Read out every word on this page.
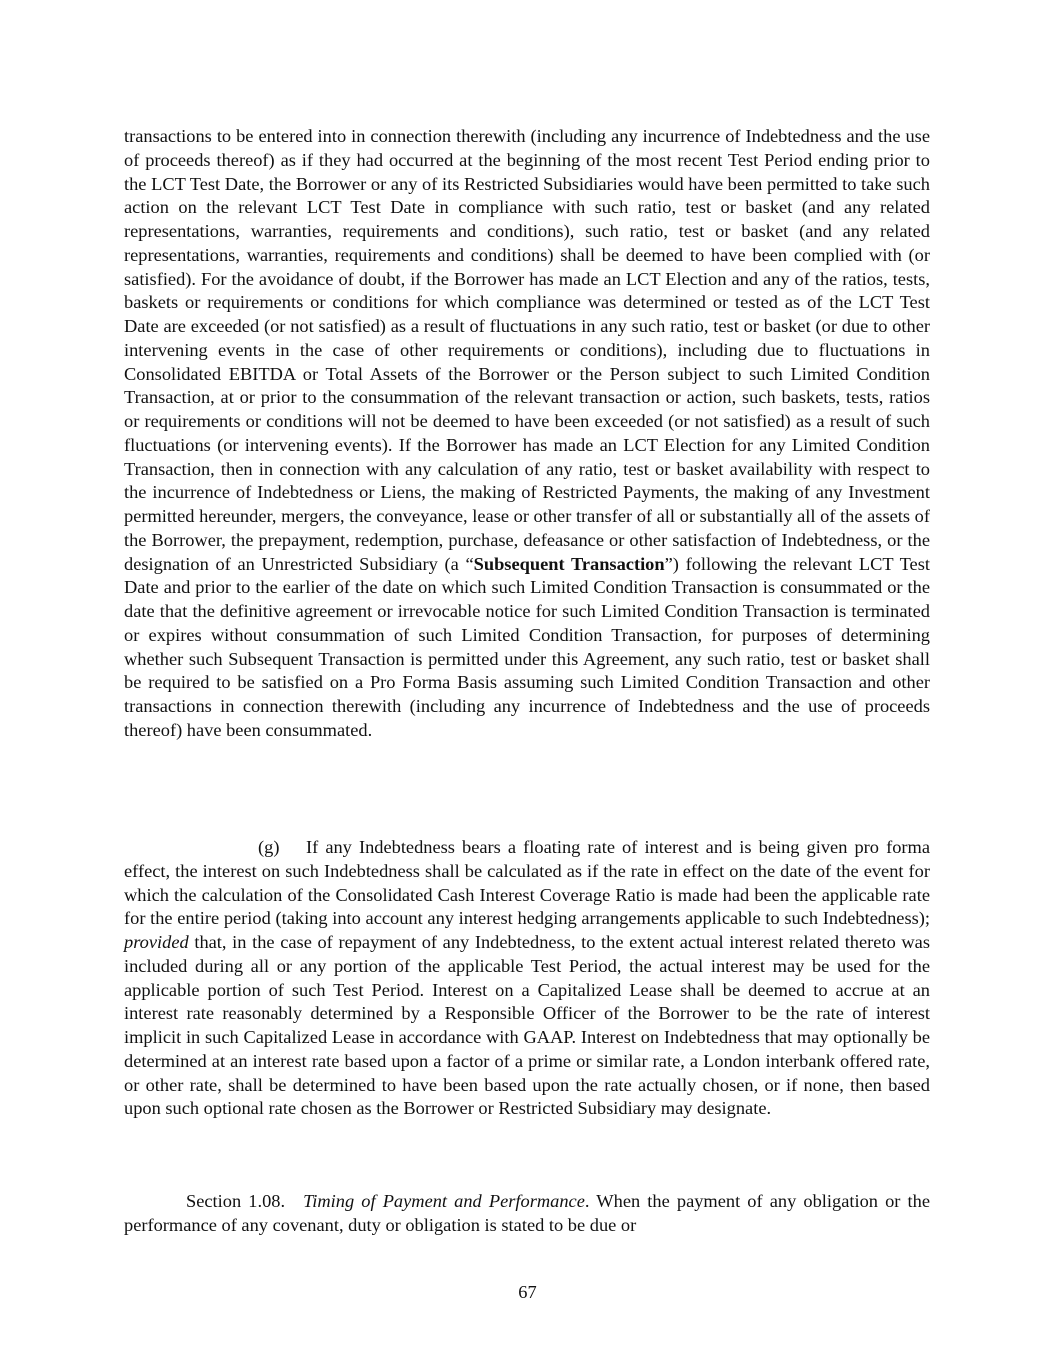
transactions to be entered into in connection therewith (including any incurrence of Indebtedness and the use of proceeds thereof) as if they had occurred at the beginning of the most recent Test Period ending prior to the LCT Test Date, the Borrower or any of its Restricted Subsidiaries would have been permitted to take such action on the relevant LCT Test Date in compliance with such ratio, test or basket (and any related representations, warranties, requirements and conditions), such ratio, test or basket (and any related representations, warranties, requirements and conditions) shall be deemed to have been complied with (or satisfied). For the avoidance of doubt, if the Borrower has made an LCT Election and any of the ratios, tests, baskets or requirements or conditions for which compliance was determined or tested as of the LCT Test Date are exceeded (or not satisfied) as a result of fluctuations in any such ratio, test or basket (or due to other intervening events in the case of other requirements or conditions), including due to fluctuations in Consolidated EBITDA or Total Assets of the Borrower or the Person subject to such Limited Condition Transaction, at or prior to the consummation of the relevant transaction or action, such baskets, tests, ratios or requirements or conditions will not be deemed to have been exceeded (or not satisfied) as a result of such fluctuations (or intervening events). If the Borrower has made an LCT Election for any Limited Condition Transaction, then in connection with any calculation of any ratio, test or basket availability with respect to the incurrence of Indebtedness or Liens, the making of Restricted Payments, the making of any Investment permitted hereunder, mergers, the conveyance, lease or other transfer of all or substantially all of the assets of the Borrower, the prepayment, redemption, purchase, defeasance or other satisfaction of Indebtedness, or the designation of an Unrestricted Subsidiary (a “Subsequent Transaction”) following the relevant LCT Test Date and prior to the earlier of the date on which such Limited Condition Transaction is consummated or the date that the definitive agreement or irrevocable notice for such Limited Condition Transaction is terminated or expires without consummation of such Limited Condition Transaction, for purposes of determining whether such Subsequent Transaction is permitted under this Agreement, any such ratio, test or basket shall be required to be satisfied on a Pro Forma Basis assuming such Limited Condition Transaction and other transactions in connection therewith (including any incurrence of Indebtedness and the use of proceeds thereof) have been consummated.

(g) If any Indebtedness bears a floating rate of interest and is being given pro forma effect, the interest on such Indebtedness shall be calculated as if the rate in effect on the date of the event for which the calculation of the Consolidated Cash Interest Coverage Ratio is made had been the applicable rate for the entire period (taking into account any interest hedging arrangements applicable to such Indebtedness); provided that, in the case of repayment of any Indebtedness, to the extent actual interest related thereto was included during all or any portion of the applicable Test Period, the actual interest may be used for the applicable portion of such Test Period. Interest on a Capitalized Lease shall be deemed to accrue at an interest rate reasonably determined by a Responsible Officer of the Borrower to be the rate of interest implicit in such Capitalized Lease in accordance with GAAP. Interest on Indebtedness that may optionally be determined at an interest rate based upon a factor of a prime or similar rate, a London interbank offered rate, or other rate, shall be determined to have been based upon the rate actually chosen, or if none, then based upon such optional rate chosen as the Borrower or Restricted Subsidiary may designate.

Section 1.08. Timing of Payment and Performance. When the payment of any obligation or the performance of any covenant, duty or obligation is stated to be due or

67
